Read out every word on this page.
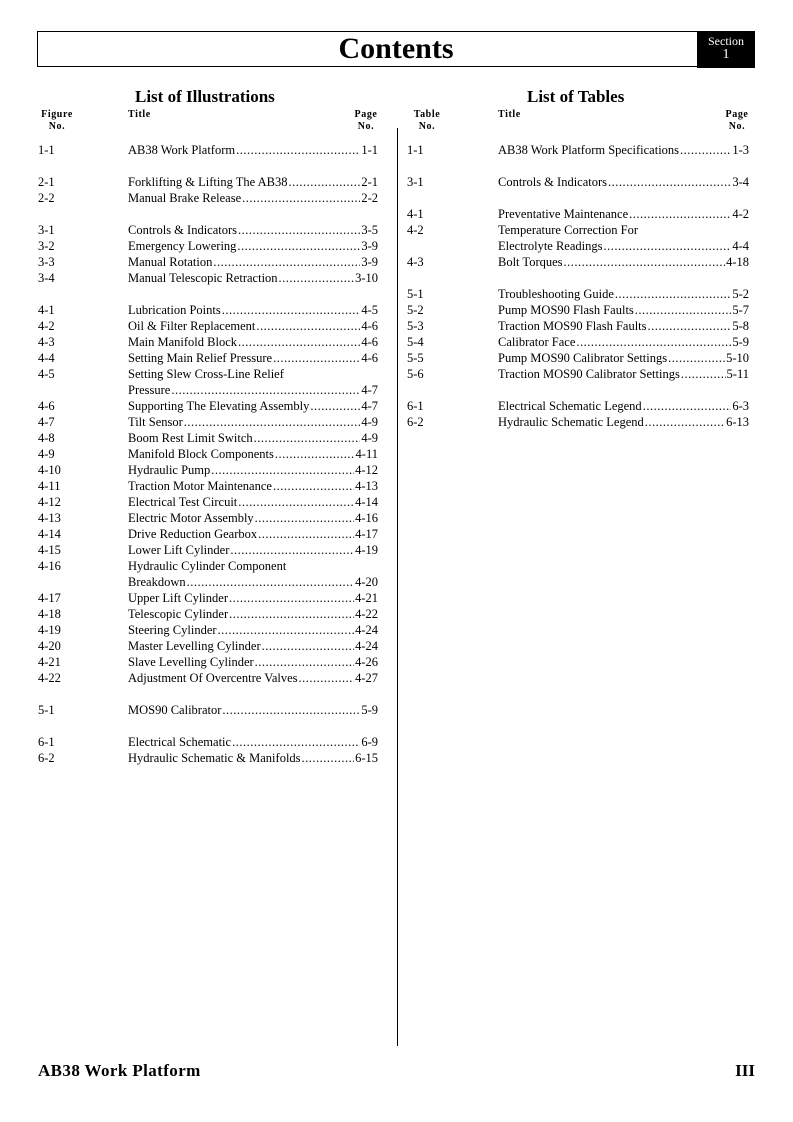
Contents	Section
1
List of Illustrations
Figure
No.
Title	Page
No.
List of Tables
Table
No.
Title	Page
No.
1-1	AB38 Work Platform .....	1-1
2-1	Forklifting & Lifting The AB38 .....	2-1
2-2	Manual Brake Release .....	2-2
3-1	Controls & Indicators .....	3-5
3-2	Emergency Lowering .....	3-9
3-3	Manual Rotation .....	3-9
3-4	Manual Telescopic Retraction .....	3-10
4-1	Lubrication Points .....	4-5
4-2	Oil & Filter Replacement .....	4-6
4-3	Main Manifold Block .....	4-6
4-4	Setting Main Relief Pressure .....	4-6
4-5	Setting Slew Cross-Line Relief
Pressure .....	4-7
4-6	Supporting The Elevating Assembly .....	4-7
4-7	Tilt Sensor .....	4-9
4-8	Boom Rest Limit Switch .....	4-9
4-9	Manifold Block Components .....	4-11
4-10	Hydraulic Pump .....	4-12
4-11	Traction Motor Maintenance .....	4-13
4-12	Electrical Test Circuit .....	4-14
4-13	Electric Motor Assembly .....	4-16
4-14	Drive Reduction Gearbox .....	4-17
4-15	Lower Lift Cylinder .....	4-19
4-16	Hydraulic Cylinder Component
Breakdown .....	4-20
4-17	Upper Lift Cylinder .....	4-21
4-18	Telescopic Cylinder .....	4-22
4-19	Steering Cylinder .....	4-24
4-20	Master Levelling Cylinder .....	4-24
4-21	Slave Levelling Cylinder .....	4-26
4-22	Adjustment Of Overcentre Valves .....	4-27
5-1	MOS90 Calibrator .....	5-9
6-1	Electrical Schematic .....	6-9
6-2	Hydraulic Schematic & Manifolds .....	6-15
1-1	AB38 Work Platform Specifications .....	1-3
3-1	Controls & Indicators .....	3-4
4-1	Preventative Maintenance .....	4-2
4-2	Temperature Correction For
Electrolyte Readings .....	4-4
4-3	Bolt Torques .....	4-18
5-1	Troubleshooting Guide .....	5-2
5-2	Pump MOS90 Flash Faults .....	5-7
5-3	Traction MOS90 Flash Faults .....	5-8
5-4	Calibrator Face .....	5-9
5-5	Pump MOS90 Calibrator Settings .....	5-10
5-6	Traction MOS90 Calibrator Settings .....	5-11
6-1	Electrical Schematic Legend .....	6-3
6-2	Hydraulic Schematic Legend .....	6-13
AB38 Work Platform	III
